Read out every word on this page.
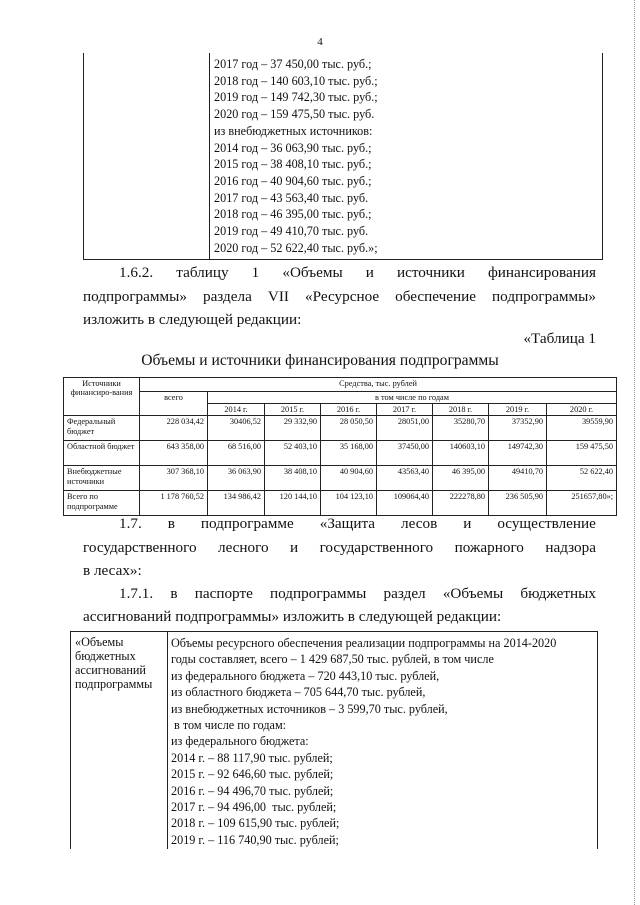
4
2017 год – 37 450,00 тыс. руб.;
2018 год – 140 603,10 тыс. руб.;
2019 год – 149 742,30 тыс. руб.;
2020 год – 159 475,50 тыс. руб.
из внебюджетных источников:
2014 год – 36 063,90 тыс. руб.;
2015 год – 38 408,10 тыс. руб.;
2016 год – 40 904,60 тыс. руб.;
2017 год – 43 563,40 тыс. руб.
2018 год – 46 395,00 тыс. руб.;
2019 год – 49 410,70 тыс. руб.
2020 год – 52 622,40 тыс. руб.»;
1.6.2. таблицу 1 «Объемы и источники финансирования
подпрограммы» раздела VII «Ресурсное обеспечение подпрограммы»
изложить в следующей редакции:
«Таблица 1
Объемы и источники финансирования подпрограммы
Источники финансиро-вания	Средства, тыс. рублей							
	всего	в том числе по годам						
		2014 г.	2015 г.	2016 г.	2017 г.	2018 г.	2019 г.	2020 г.
Федеральный бюджет	228 034,42	30406,52	29 332,90	28 050,50	28051,00	35280,70	37352,90	39559,90
Областной бюджет	643 358,00	68 516,00	52 403,10	35 168,00	37450,00	140603,10	149742,30	159 475,50
Внебюджетные источники	307 368,10	36 063,90	38 408,10	40 904,60	43563,40	46 395,00	49410,70	52 622,40
Всего по подпрограмме	1 178 760,52	134 986,42	120 144,10	104 123,10	109064,40	222278,80	236 505,90	251657,80»;
1.7. в подпрограмме «Защита лесов и осуществление
государственного лесного и государственного пожарного надзора
в лесах»:
1.7.1. в паспорте подпрограммы раздел «Объемы бюджетных
ассигнований подпрограммы» изложить в следующей редакции:
«Объемы
бюджетных
ассигнований
подпрограммы
Объемы ресурсного обеспечения реализации подпрограммы на 2014-2020
годы составляет, всего – 1 429 687,50 тыс. рублей, в том числе
из федерального бюджета – 720 443,10 тыс. рублей,
из областного бюджета – 705 644,70 тыс. рублей,
из внебюджетных источников – 3 599,70 тыс. рублей,
в том числе по годам:
из федерального бюджета:
2014 г. – 88 117,90 тыс. рублей;
2015 г. – 92 646,60 тыс. рублей;
2016 г. – 94 496,70 тыс. рублей;
2017 г. – 94 496,00  тыс. рублей;
2018 г. – 109 615,90 тыс. рублей;
2019 г. – 116 740,90 тыс. рублей;
